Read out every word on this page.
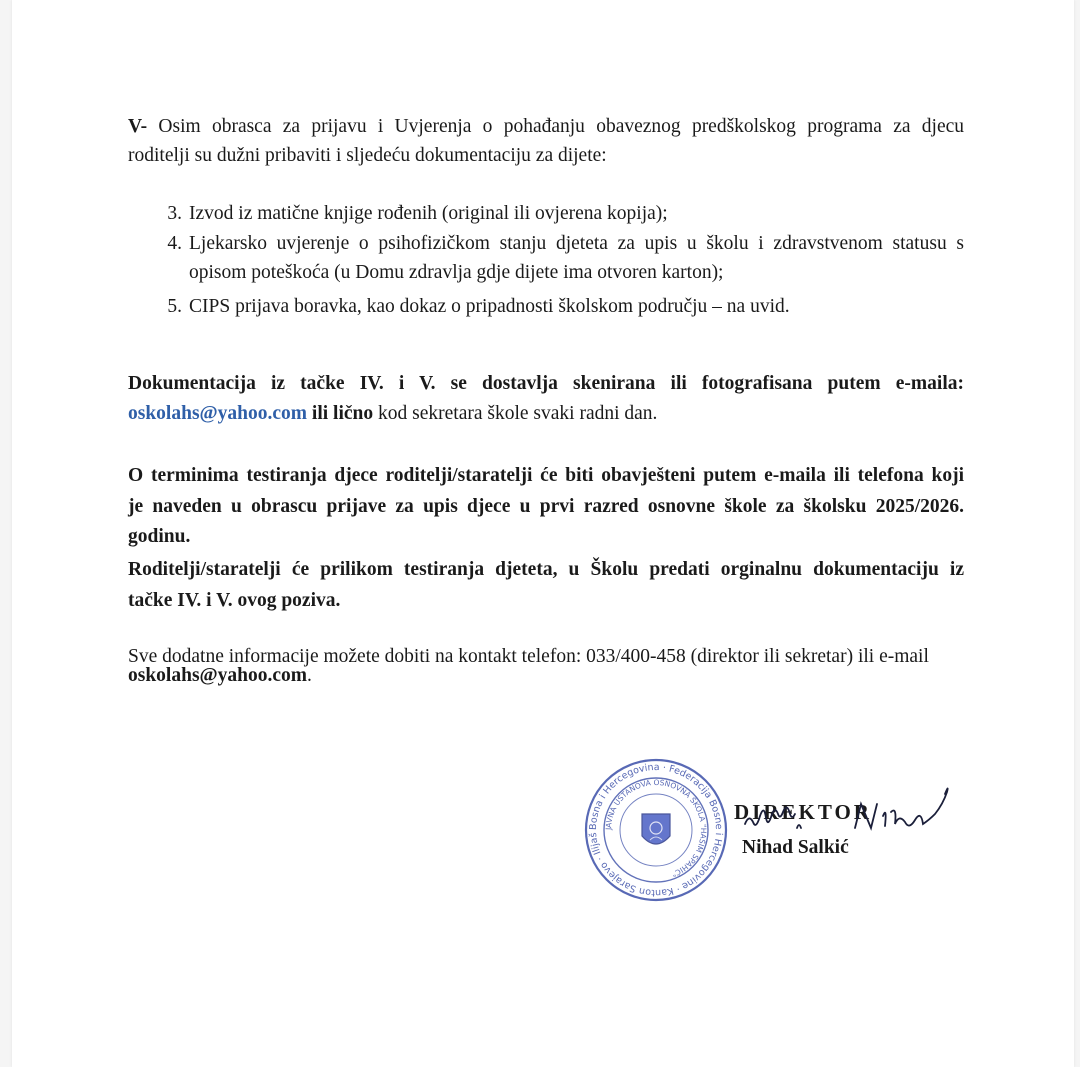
V- Osim obrasca za prijavu i Uvjerenja o pohađanju obaveznog predškolskog programa za djecu
roditelji su dužni pribaviti i sljedeću dokumentaciju za dijete:
3. Izvod iz matične knjige rođenih (original ili ovjerena kopija);
4. Ljekarsko uvjerenje o psihofizičkom stanju djeteta za upis u školu i zdravstvenom statusu s
opisom poteškoća (u Domu zdravlja gdje dijete ima otvoren karton);
5. CIPS prijava boravka, kao dokaz o pripadnosti školskom području – na uvid.
Dokumentacija iz tačke IV. i V. se dostavlja skenirana ili fotografisana putem e-maila:
oskolahs@yahoo.com ili lično kod sekretara škole svaki radni dan.
O terminima testiranja djece roditelji/staratelji će biti obavješteni putem e-maila ili telefona koji
je naveden u obrascu prijave za upis djece u prvi razred osnovne škole za školsku 2025/2026.
godinu.
Roditelji/staratelji će prilikom testiranja djeteta, u Školu predati orginalnu dokumentaciju iz
tačke IV. i V. ovog poziva.
Sve dodatne informacije možete dobiti na kontakt telefon: 033/400-458 (direktor ili sekretar) ili e-mail
oskolahs@yahoo.com.
Bosna i Hercegovina · Federacija Bosne i Hercegovine · Kanton Sarajevo · Ilijaš
JAVNA USTANOVA OSNOVNA ŠKOLA "HAŠIM SPAHIĆ"
DIREKTOR
Nihad Salkić
